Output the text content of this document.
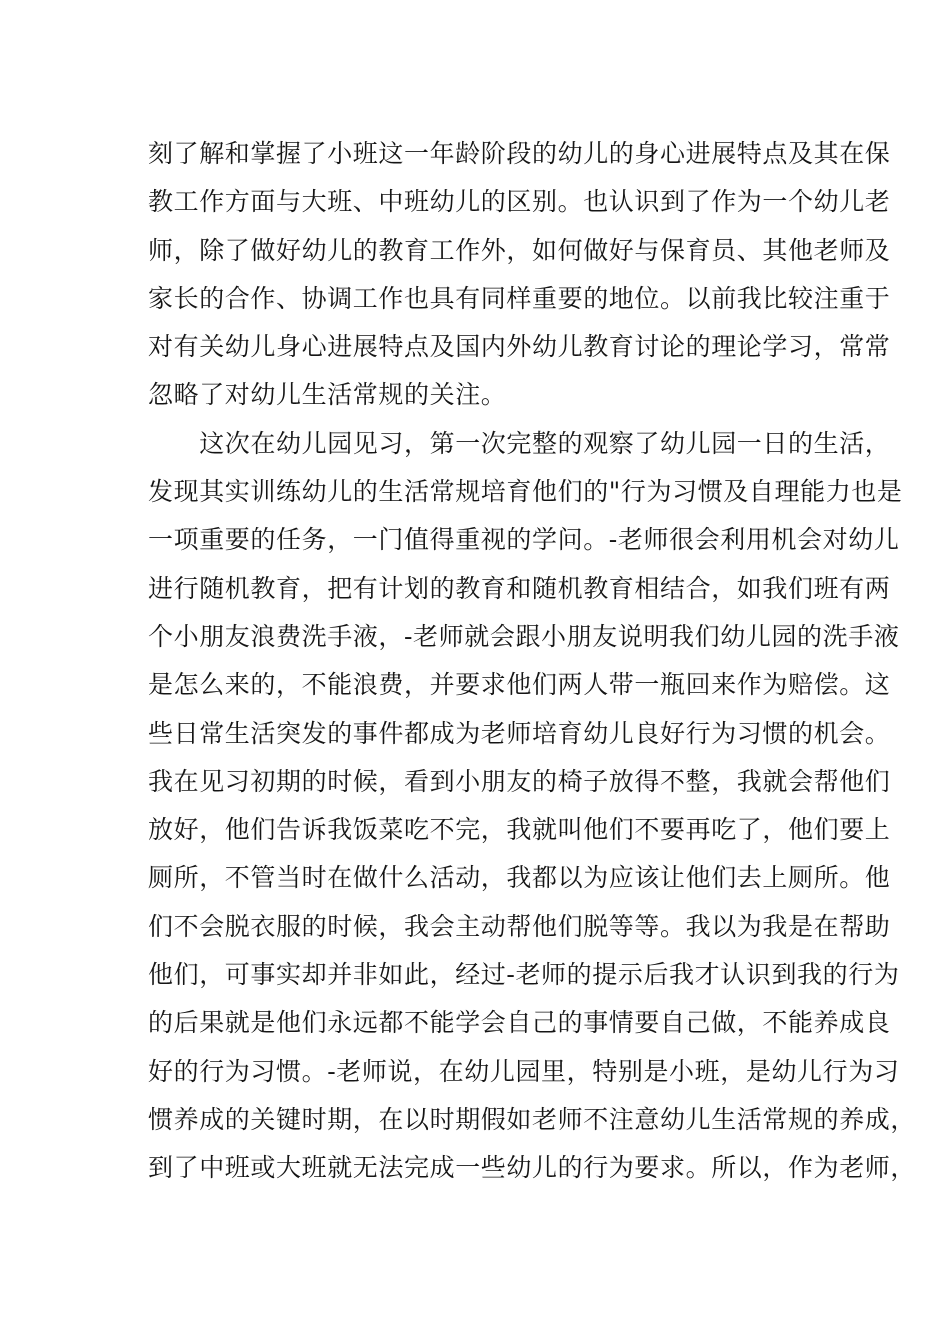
刻了解和掌握了小班这一年龄阶段的幼儿的身心进展特点及其在保
教工作方面与大班、中班幼儿的区别。也认识到了作为一个幼儿老
师，除了做好幼儿的教育工作外，如何做好与保育员、其他老师及
家长的合作、协调工作也具有同样重要的地位。以前我比较注重于
对有关幼儿身心进展特点及国内外幼儿教育讨论的理论学习，常常
忽略了对幼儿生活常规的关注。
　　这次在幼儿园见习，第一次完整的观察了幼儿园一日的生活，
发现其实训练幼儿的生活常规培育他们的"行为习惯及自理能力也是
一项重要的任务，一门值得重视的学问。-老师很会利用机会对幼儿
进行随机教育，把有计划的教育和随机教育相结合，如我们班有两
个小朋友浪费洗手液，-老师就会跟小朋友说明我们幼儿园的洗手液
是怎么来的，不能浪费，并要求他们两人带一瓶回来作为赔偿。这
些日常生活突发的事件都成为老师培育幼儿良好行为习惯的机会。
我在见习初期的时候，看到小朋友的椅子放得不整，我就会帮他们
放好，他们告诉我饭菜吃不完，我就叫他们不要再吃了，他们要上
厕所，不管当时在做什么活动，我都以为应该让他们去上厕所。他
们不会脱衣服的时候，我会主动帮他们脱等等。我以为我是在帮助
他们，可事实却并非如此，经过-老师的提示后我才认识到我的行为
的后果就是他们永远都不能学会自己的事情要自己做，不能养成良
好的行为习惯。-老师说，在幼儿园里，特别是小班，是幼儿行为习
惯养成的关键时期，在以时期假如老师不注意幼儿生活常规的养成，
到了中班或大班就无法完成一些幼儿的行为要求。所以，作为老师，
